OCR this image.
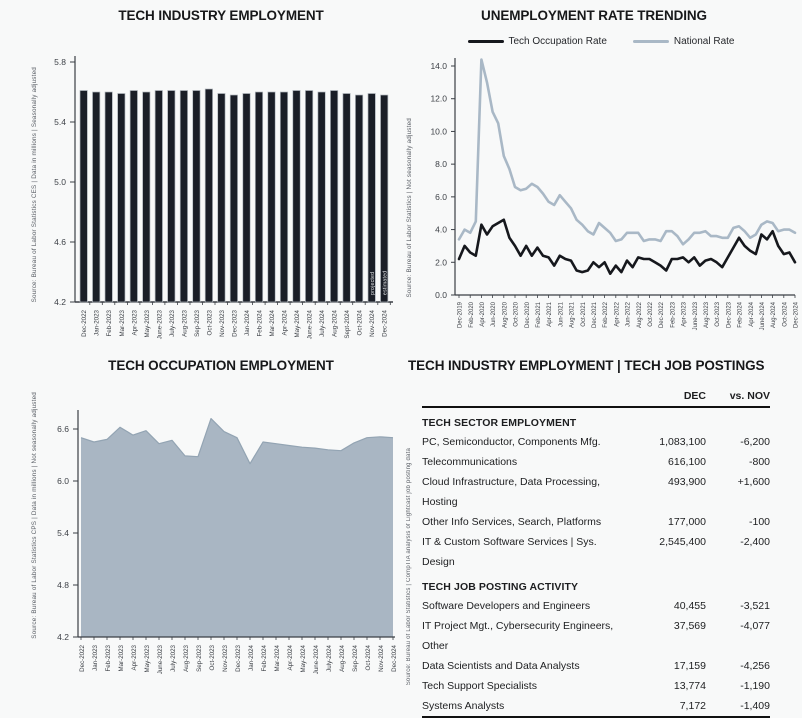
TECH INDUSTRY EMPLOYMENT
5.8
5.4
5.0
4.6
4.2
Dec-2022 Jan-2023 Feb-2023 Mar-2023 Apr-2023 May-2023 June-2023 July-2023 Aug-2023 Sep-2023 Oct-2023 Nov-2023 Dec-2023 Jan-2024 Feb-2024 Mar-2024 Apr-2024 May-2024 June-2024 July-2024 Aug-2024 Sept-2024 Oct-2024 Nov-2024 Dec-2024
projected estimated
Source: Bureau of Labor Statistics CES | Data in millions | Seasonally adjusted
UNEMPLOYMENT RATE TRENDING
Tech Occupation Rate	National Rate
14.0
12.0
10.0
8.0
6.0
4.0
2.0
0.0
Dec-2019 Feb-2020 Apr-2020 Jun-2020 Aug-2020 Oct-2020 Dec-2020 Feb-2021 Apr-2021 Jun-2021 Aug-2021 Oct-2021 Dec-2021 Feb-2022 Apr-2022 Jun-2022 Aug-2022 Oct-2022 Dec-2022 Feb-2023 Apr-2023 June-2023 Aug-2023 Oct-2023 Dec-2023 Feb-2024 Apr-2024 June-2024 Aug-2024 Oct-2024 Dec-2024
Source: Bureau of Labor Statistics | Not seasonally adjusted
TECH OCCUPATION EMPLOYMENT
6.6
6.0
5.4
4.8
4.2
Dec-2022 Jan-2023 Feb-2023 Mar-2023 Apr-2023 May-2023 June-2023 July-2023 Aug-2023 Sep-2023 Oct-2023 Nov-2023 Dec-2023 Jan-2024 Feb-2024 Mar-2024 Apr-2024 May-2024 June-2024 July-2024 Aug-2024 Sep-2024 Oct-2024 Nov-2024 Dec-2024
Source: Bureau of Labor Statistics CPS | Data in millions | Not seasonally adjusted
TECH INDUSTRY EMPLOYMENT | TECH JOB POSTINGS
DEC	vs. NOV
TECH SECTOR EMPLOYMENT
PC, Semiconductor, Components Mfg.	1,083,100	-6,200
Telecommunications	616,100	-800
Cloud Infrastructure, Data Processing, Hosting
493,900	+1,600
Other Info Services, Search, Platforms	177,000	-100
IT & Custom Software Services | Sys. Design
2,545,400	-2,400
TECH JOB POSTING ACTIVITY
Software Developers and Engineers	40,455	-3,521
IT Project Mgt., Cybersecurity Engineers, Other
37,569	-4,077
Data Scientists and Data Analysts	17,159	-4,256
Tech Support Specialists	13,774	-1,190
Systems Analysts	7,172	-1,409
Source: Bureau of Labor Statistics | CompTIA analysis of Lightcast job posting data
